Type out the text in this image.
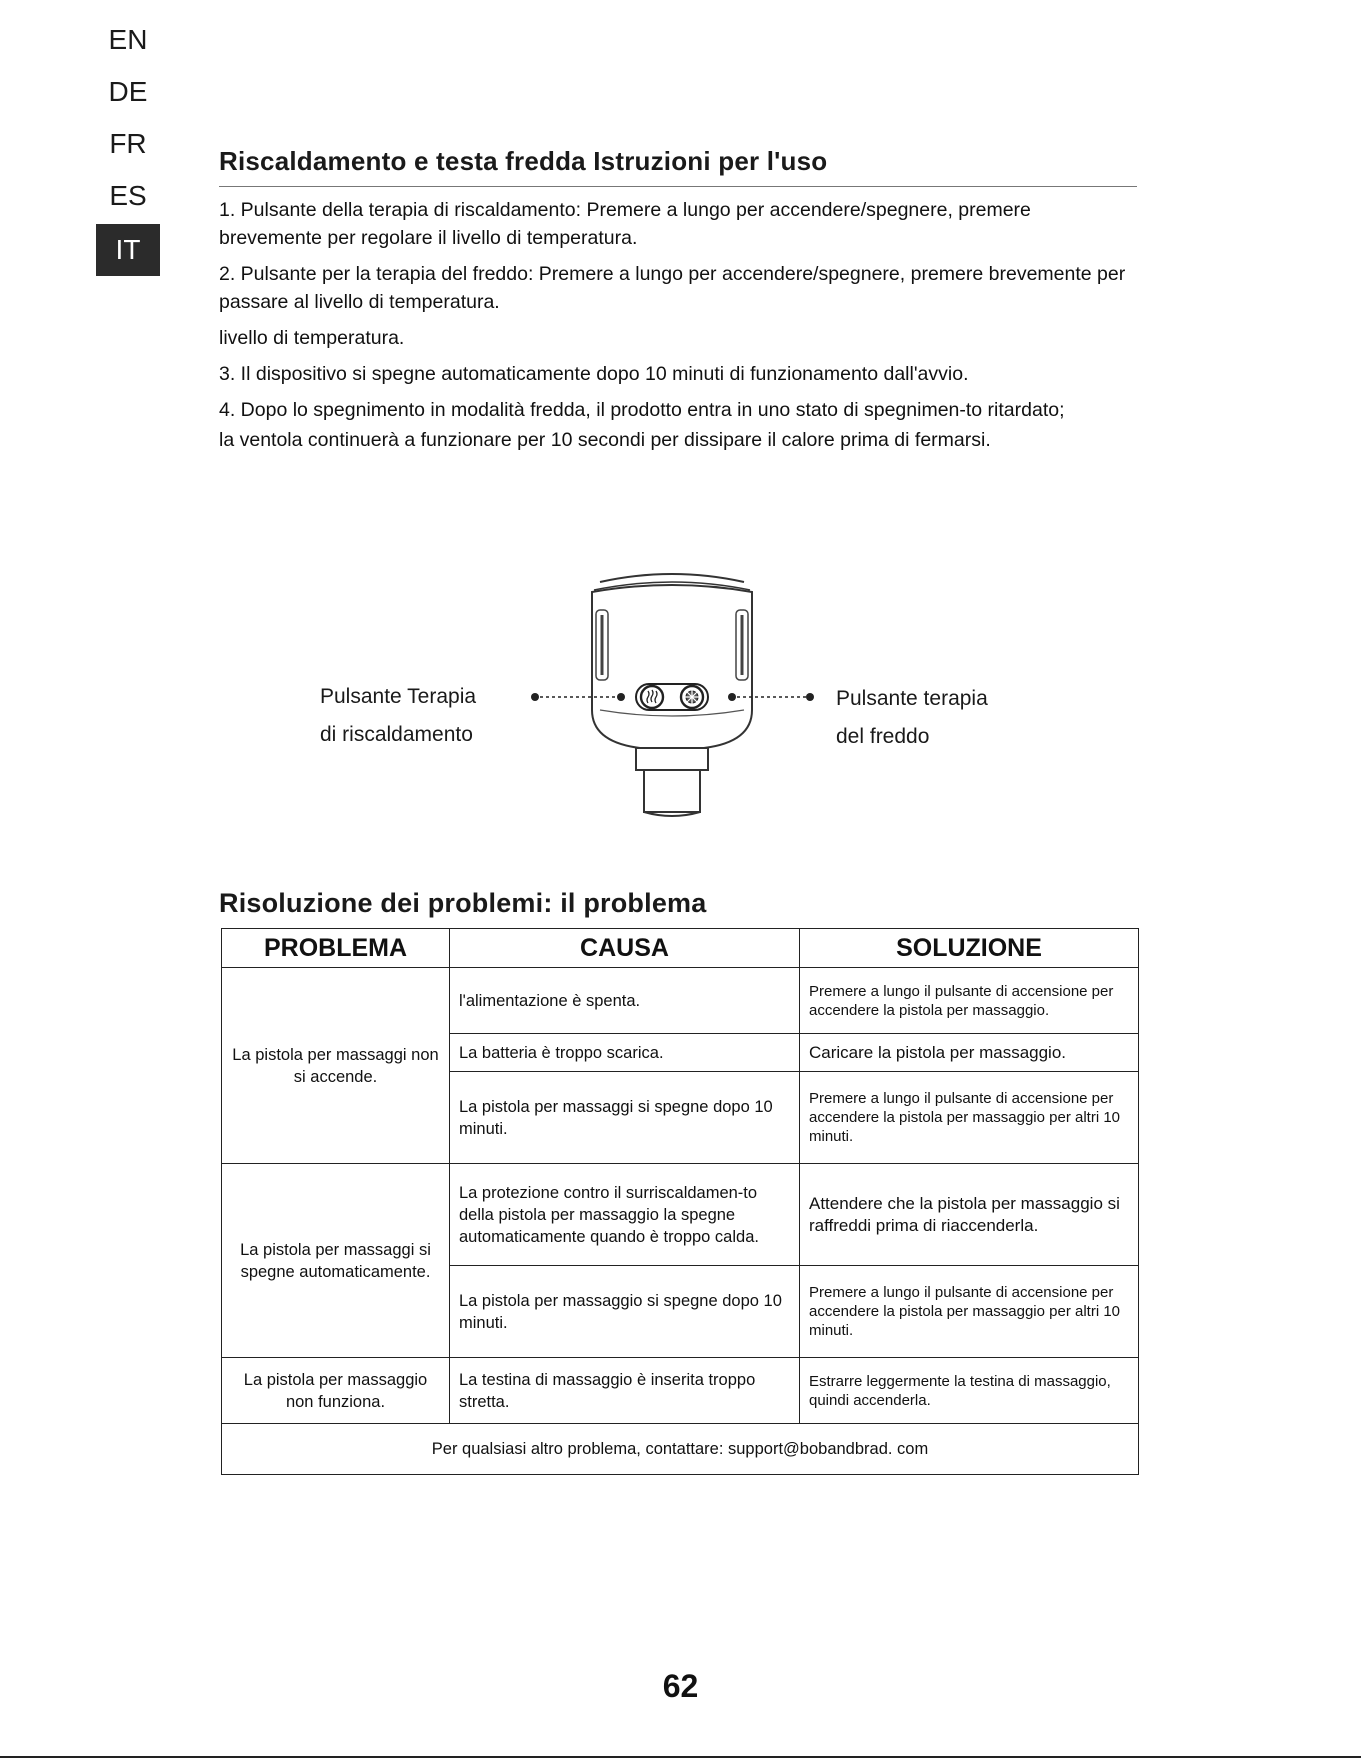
EN
DE
FR
ES
IT
Riscaldamento e testa fredda Istruzioni per l'uso

1. Pulsante della terapia di riscaldamento: Premere a lungo per accendere/spegnere, premere brevemente per regolare il livello di temperatura.

2. Pulsante per la terapia del freddo: Premere a lungo per accendere/spegnere, premere brevemente per passare al livello di temperatura.

livello di temperatura.

3. Il dispositivo si spegne automaticamente dopo 10 minuti di funzionamento dall'avvio.

4. Dopo lo spegnimento in modalità fredda, il prodotto entra in uno stato di spegnimen-to ritardato;

la ventola continuerà a funzionare per 10 secondi per dissipare il calore prima di fermarsi.

Pulsante Terapia
di riscaldamento
Pulsante terapia
del freddo
Risoluzione dei problemi: il problema
PROBLEMA	CAUSA	SOLUZIONE
La pistola per massaggi non si accende.	l'alimentazione è spenta.	Premere a lungo il pulsante di accensione per accendere la pistola per massaggio.
	La batteria è troppo scarica.	Caricare la pistola per massaggio.
	La pistola per massaggi si spegne dopo 10 minuti.	Premere a lungo il pulsante di accensione per accendere la pistola per massaggio per altri 10 minuti.
La pistola per massaggi si spegne automaticamente.	La protezione contro il surriscaldamen-to della pistola per massaggio la spegne automaticamente quando è troppo calda.	Attendere che la pistola per massaggio si raffreddi prima di riaccenderla.
	La pistola per massaggio si spegne dopo 10 minuti.	Premere a lungo il pulsante di accensione per accendere la pistola per massaggio per altri 10 minuti.
La pistola per massaggio non funziona.	La testina di massaggio è inserita troppo stretta.	Estrarre leggermente la testina di massaggio, quindi accenderla.
Per qualsiasi altro problema, contattare: support@bobandbrad. com		
62
